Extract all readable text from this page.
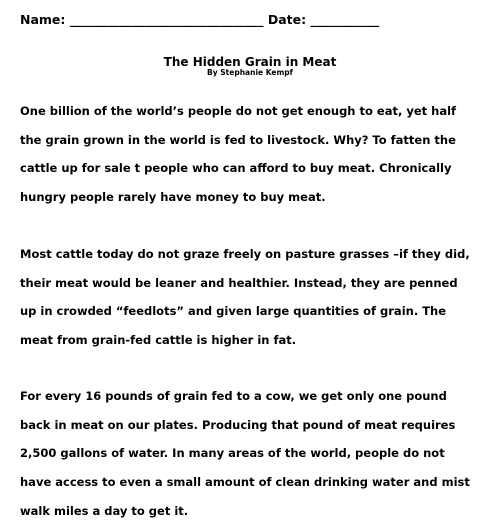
Name: _______________________________ Date: ___________
The Hidden Grain in Meat
By Stephanie Kempf
One billion of the world’s people do not get enough to eat, yet half
the grain grown in the world is fed to livestock. Why? To fatten the
cattle up for sale t people who can afford to buy meat. Chronically
hungry people rarely have money to buy meat.
Most cattle today do not graze freely on pasture grasses –if they did,
their meat would be leaner and healthier. Instead, they are penned
up in crowded “feedlots” and given large quantities of grain. The
meat from grain-fed cattle is higher in fat.
For every 16 pounds of grain fed to a cow, we get only one pound
back in meat on our plates. Producing that pound of meat requires
2,500 gallons of water. In many areas of the world, people do not
have access to even a small amount of clean drinking water and mist
walk miles a day to get it.
